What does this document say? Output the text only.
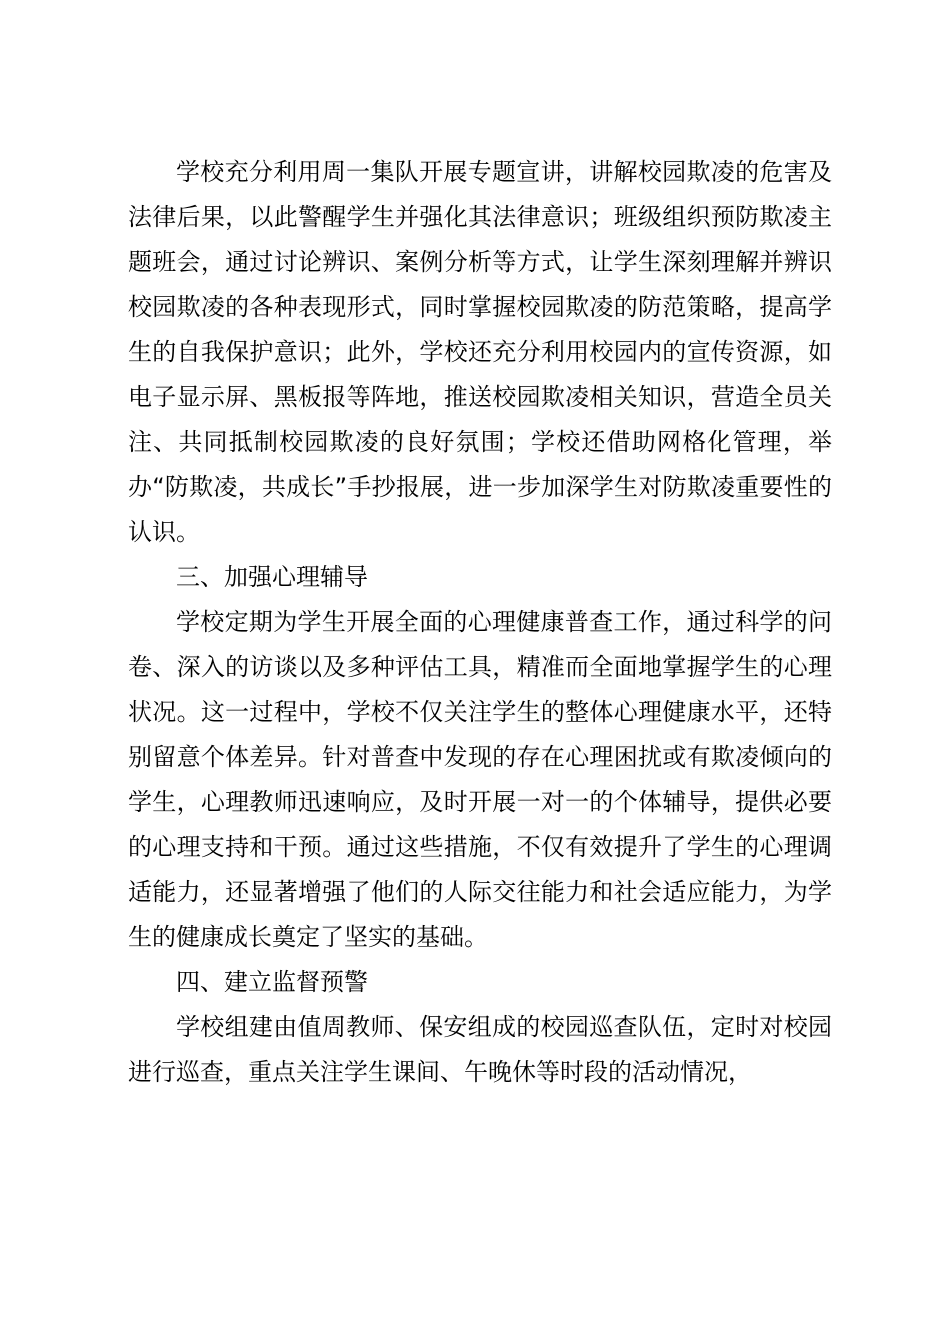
学校充分利用周一集队开展专题宣讲，讲解校园欺凌的危害及法律后果，以此警醒学生并强化其法律意识；班级组织预防欺凌主题班会，通过讨论辨识、案例分析等方式，让学生深刻理解并辨识校园欺凌的各种表现形式，同时掌握校园欺凌的防范策略，提高学生的自我保护意识；此外，学校还充分利用校园内的宣传资源，如电子显示屏、黑板报等阵地，推送校园欺凌相关知识，营造全员关注、共同抵制校园欺凌的良好氛围；学校还借助网格化管理，举办“防欺凌，共成长”手抄报展，进一步加深学生对防欺凌重要性的认识。

三、加强心理辅导

学校定期为学生开展全面的心理健康普查工作，通过科学的问卷、深入的访谈以及多种评估工具，精准而全面地掌握学生的心理状况。这一过程中，学校不仅关注学生的整体心理健康水平，还特别留意个体差异。针对普查中发现的存在心理困扰或有欺凌倾向的学生，心理教师迅速响应，及时开展一对一的个体辅导，提供必要的心理支持和干预。通过这些措施，不仅有效提升了学生的心理调适能力，还显著增强了他们的人际交往能力和社会适应能力，为学生的健康成长奠定了坚实的基础。

四、建立监督预警

学校组建由值周教师、保安组成的校园巡查队伍，定时对校园进行巡查，重点关注学生课间、午晚休等时段的活动情况，
